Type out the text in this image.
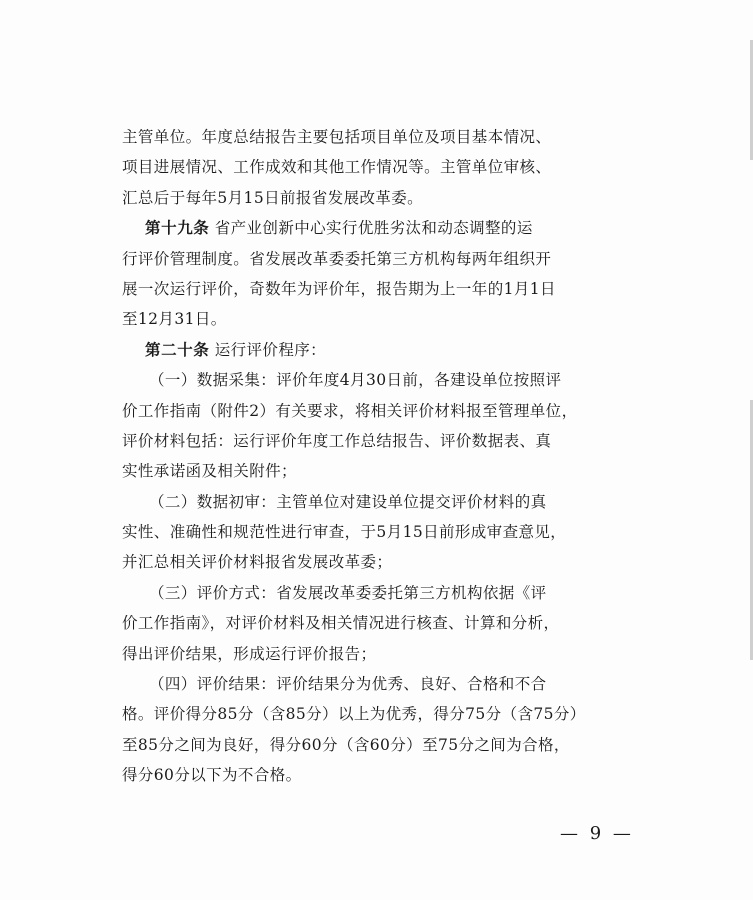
主管单位。年度总结报告主要包括项目单位及项目基本情况、
项目进展情况、工作成效和其他工作情况等。主管单位审核、
汇总后于每年5月15日前报省发展改革委。
第十九条 省产业创新中心实行优胜劣汰和动态调整的运
行评价管理制度。省发展改革委委托第三方机构每两年组织开
展一次运行评价，奇数年为评价年，报告期为上一年的1月1日
至12月31日。
第二十条 运行评价程序：
（一）数据采集：评价年度4月30日前，各建设单位按照评
价工作指南（附件2）有关要求，将相关评价材料报至管理单位，
评价材料包括：运行评价年度工作总结报告、评价数据表、真
实性承诺函及相关附件；
（二）数据初审：主管单位对建设单位提交评价材料的真
实性、准确性和规范性进行审查，于5月15日前形成审查意见，
并汇总相关评价材料报省发展改革委；
（三）评价方式：省发展改革委委托第三方机构依据《评
价工作指南》，对评价材料及相关情况进行核查、计算和分析，
得出评价结果，形成运行评价报告；
（四）评价结果：评价结果分为优秀、良好、合格和不合
格。评价得分85分（含85分）以上为优秀，得分75分（含75分）
至85分之间为良好，得分60分（含60分）至75分之间为合格，
得分60分以下为不合格。
— 9 —
